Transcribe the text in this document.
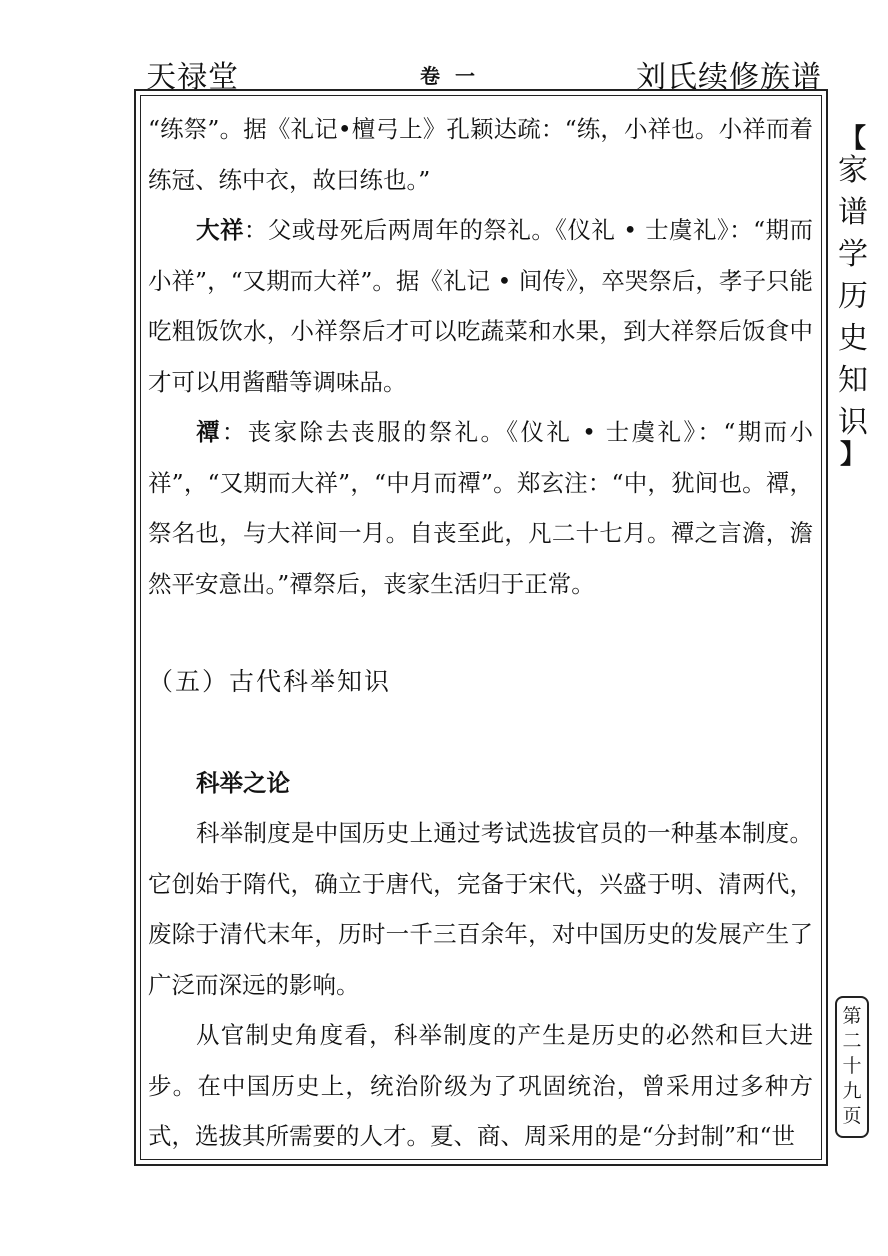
天禄堂	卷 一	刘氏续修族谱

“练祭”。据《礼记•檀弓上》孔颖达疏：“练，小祥也。小祥而着练冠、练中衣，故曰练也。”

大祥：父或母死后两周年的祭礼。《仪礼 • 士虞礼》：“期而小祥”，“又期而大祥”。据《礼记 • 间传》，卒哭祭后，孝子只能吃粗饭饮水，小祥祭后才可以吃蔬菜和水果，到大祥祭后饭食中才可以用酱醋等调味品。

禫：丧家除去丧服的祭礼。《仪礼 • 士虞礼》：“期而小祥”，“又期而大祥”，“中月而禫”。郑玄注：“中，犹间也。禫，祭名也，与大祥间一月。自丧至此，凡二十七月。禫之言澹，澹然平安意出。”禫祭后，丧家生活归于正常。

（五）古代科举知识

科举之论

科举制度是中国历史上通过考试选拔官员的一种基本制度。它创始于隋代，确立于唐代，完备于宋代，兴盛于明、清两代，废除于清代末年，历时一千三百余年，对中国历史的发展产生了广泛而深远的影响。

从官制史角度看，科举制度的产生是历史的必然和巨大进步。在中国历史上，统治阶级为了巩固统治，曾采用过多种方式，选拔其所需要的人才。夏、商、周采用的是“分封制”和“世

【
家
谱
学
历
史
知
识
】
第
二
十
九
页
